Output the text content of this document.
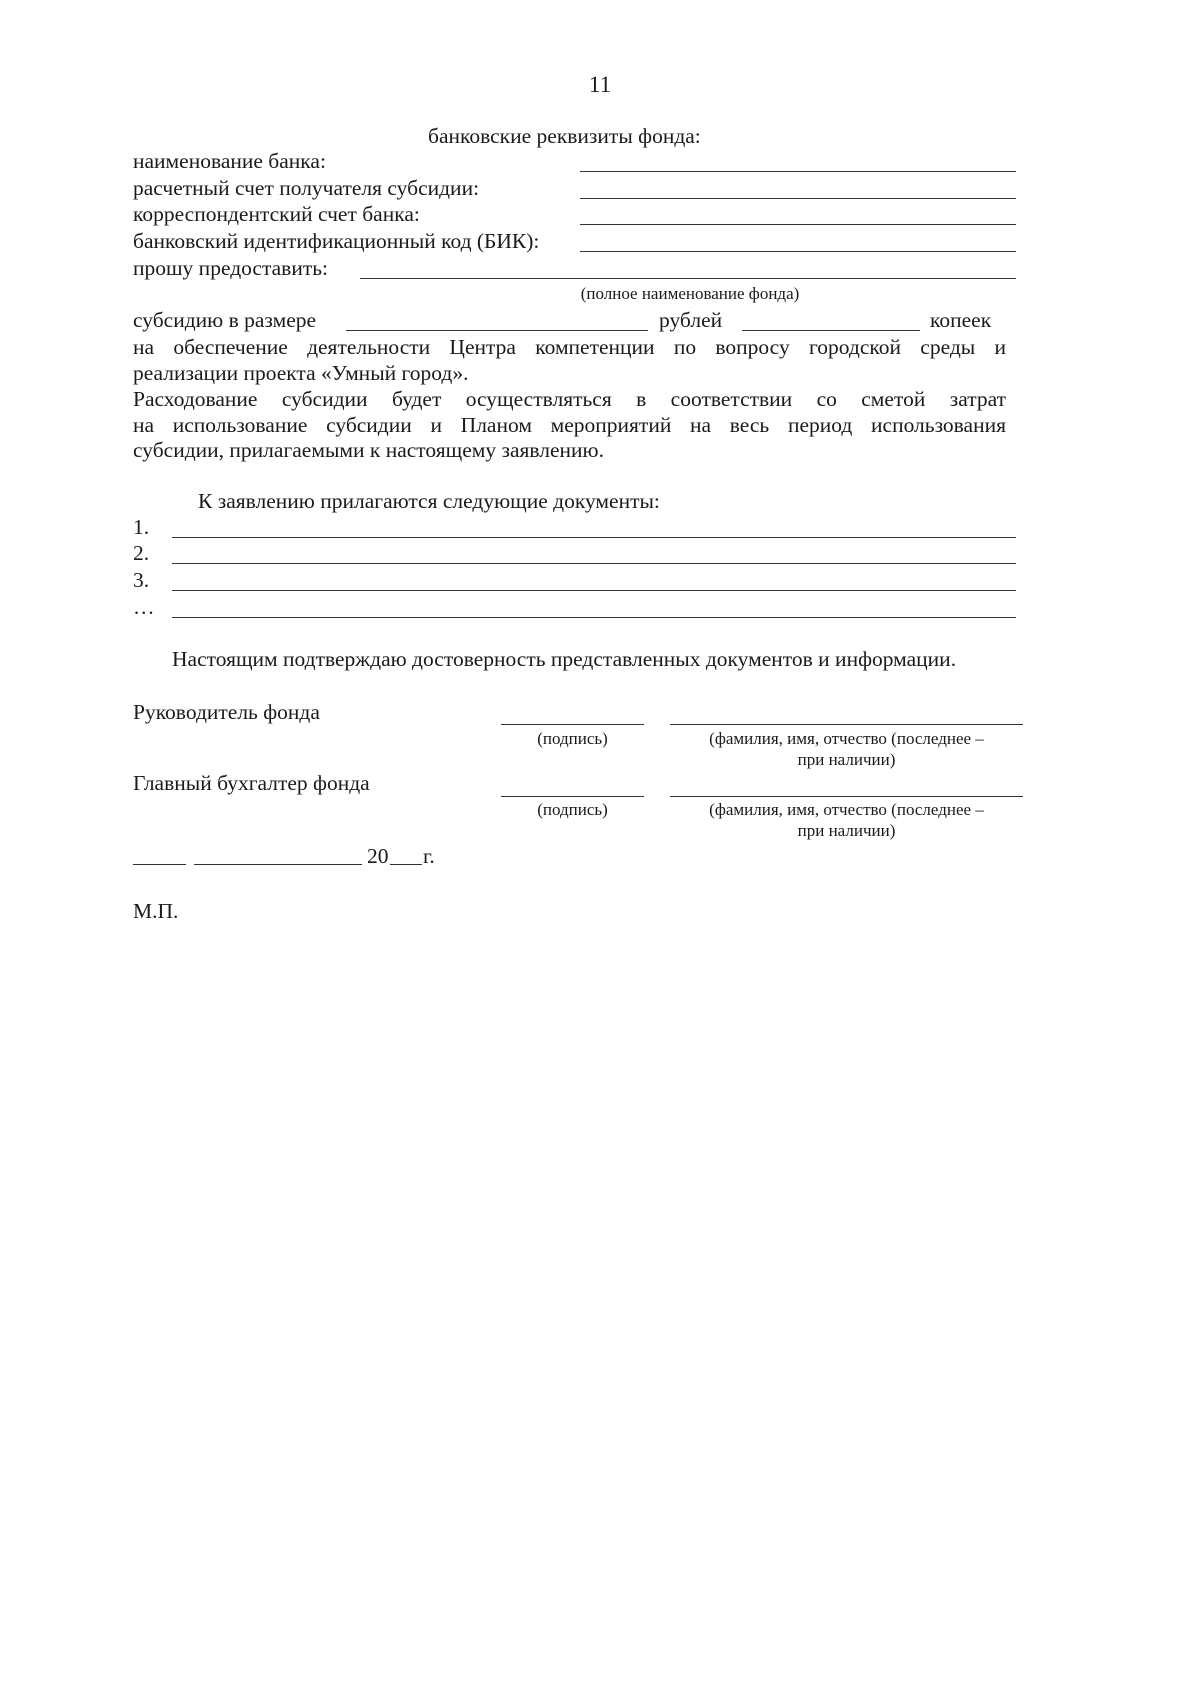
11
банковские реквизиты фонда:
наименование банка:
расчетный счет получателя субсидии:
корреспондентский счет банка:
банковский идентификационный код (БИК):
прошу предоставить:
(полное наименование фонда)
субсидию в размере	рублей	копеек
на обеспечение деятельности Центра компетенции по вопросу городской среды и
реализации проекта «Умный город».
Расходование субсидии будет осуществляться в соответствии со сметой затрат
на использование субсидии и Планом мероприятий на весь период использования
субсидии, прилагаемыми к настоящему заявлению.
К заявлению прилагаются следующие документы:
1.
2.
3.
…
Настоящим подтверждаю достоверность представленных документов и информации.
Руководитель фонда
(подпись)	(фамилия, имя, отчество (последнее –
при наличии)
Главный бухгалтер фонда
(подпись)	(фамилия, имя, отчество (последнее –
при наличии)
20 г.
М.П.
